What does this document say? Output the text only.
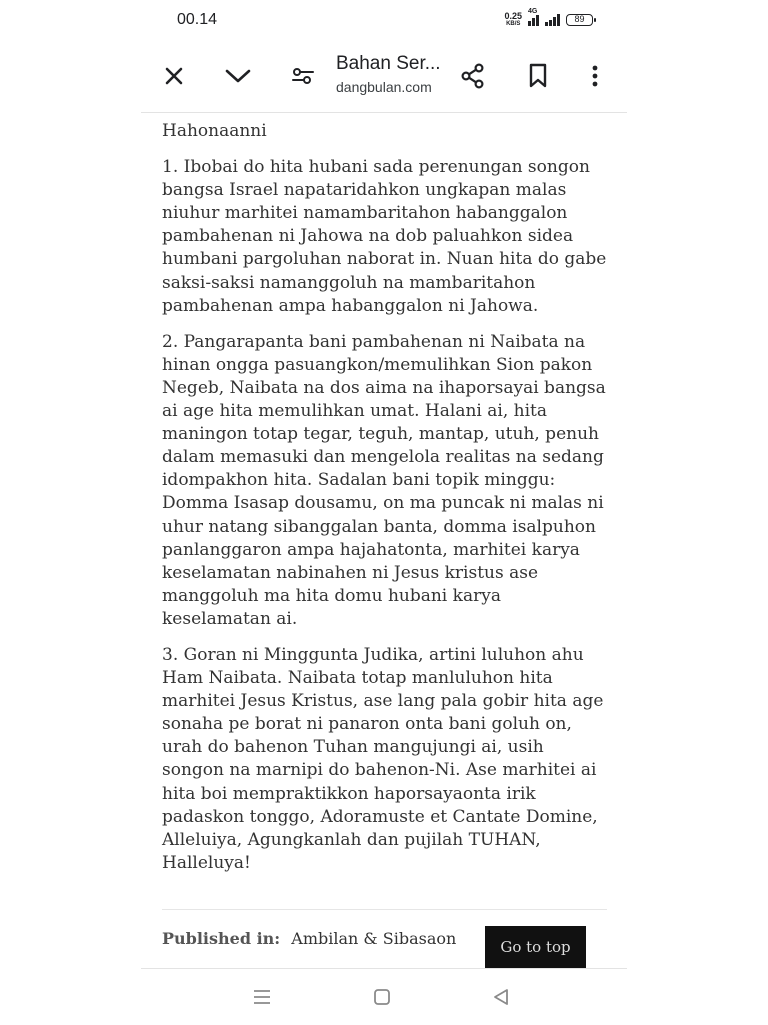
00.14	0.25
KB/S
4G
89
Bahan Ser...
dangbulan.com
Hahonaanni

1. Ibobai do hita hubani sada perenungan songon bangsa Israel napataridahkon ungkapan malas niuhur marhitei namambaritahon habanggalon pambahenan ni Jahowa na dob paluahkon sidea humbani pargoluhan naborat in. Nuan hita do gabe saksi-saksi namanggoluh na mambaritahon pambahenan ampa habanggalon ni Jahowa.

2. Pangarapanta bani pambahenan ni Naibata na hinan ongga pasuangkon/memulihkan Sion pakon Negeb, Naibata na dos aima na ihaporsayai bangsa ai age hita memulihkan umat. Halani ai, hita maningon totap tegar, teguh, mantap, utuh, penuh dalam memasuki dan mengelola realitas na sedang idompakhon hita. Sadalan bani topik minggu: Domma Isasap dousamu, on ma puncak ni malas ni uhur natang sibanggalan banta, domma isalpuhon panlanggaron ampa hajahatonta, marhitei karya keselamatan nabinahen ni Jesus kristus ase manggoluh ma hita domu hubani karya keselamatan ai.

3. Goran ni Minggunta Judika, artini luluhon ahu Ham Naibata. Naibata totap manluluhon hita marhitei Jesus Kristus, ase lang pala gobir hita age sonaha pe borat ni panaron onta bani goluh on, urah do bahenon Tuhan mangujungi ai, usih songon na marnipi do bahenon-Ni. Ase marhitei ai hita boi mempraktikkon haporsayaonta irik padaskon tonggo, Adoramuste et Cantate Domine, Alleluiya, Agungkanlah dan pujilah TUHAN, Halleluya!

Published in: Ambilan & Sibasaon	Go to top
